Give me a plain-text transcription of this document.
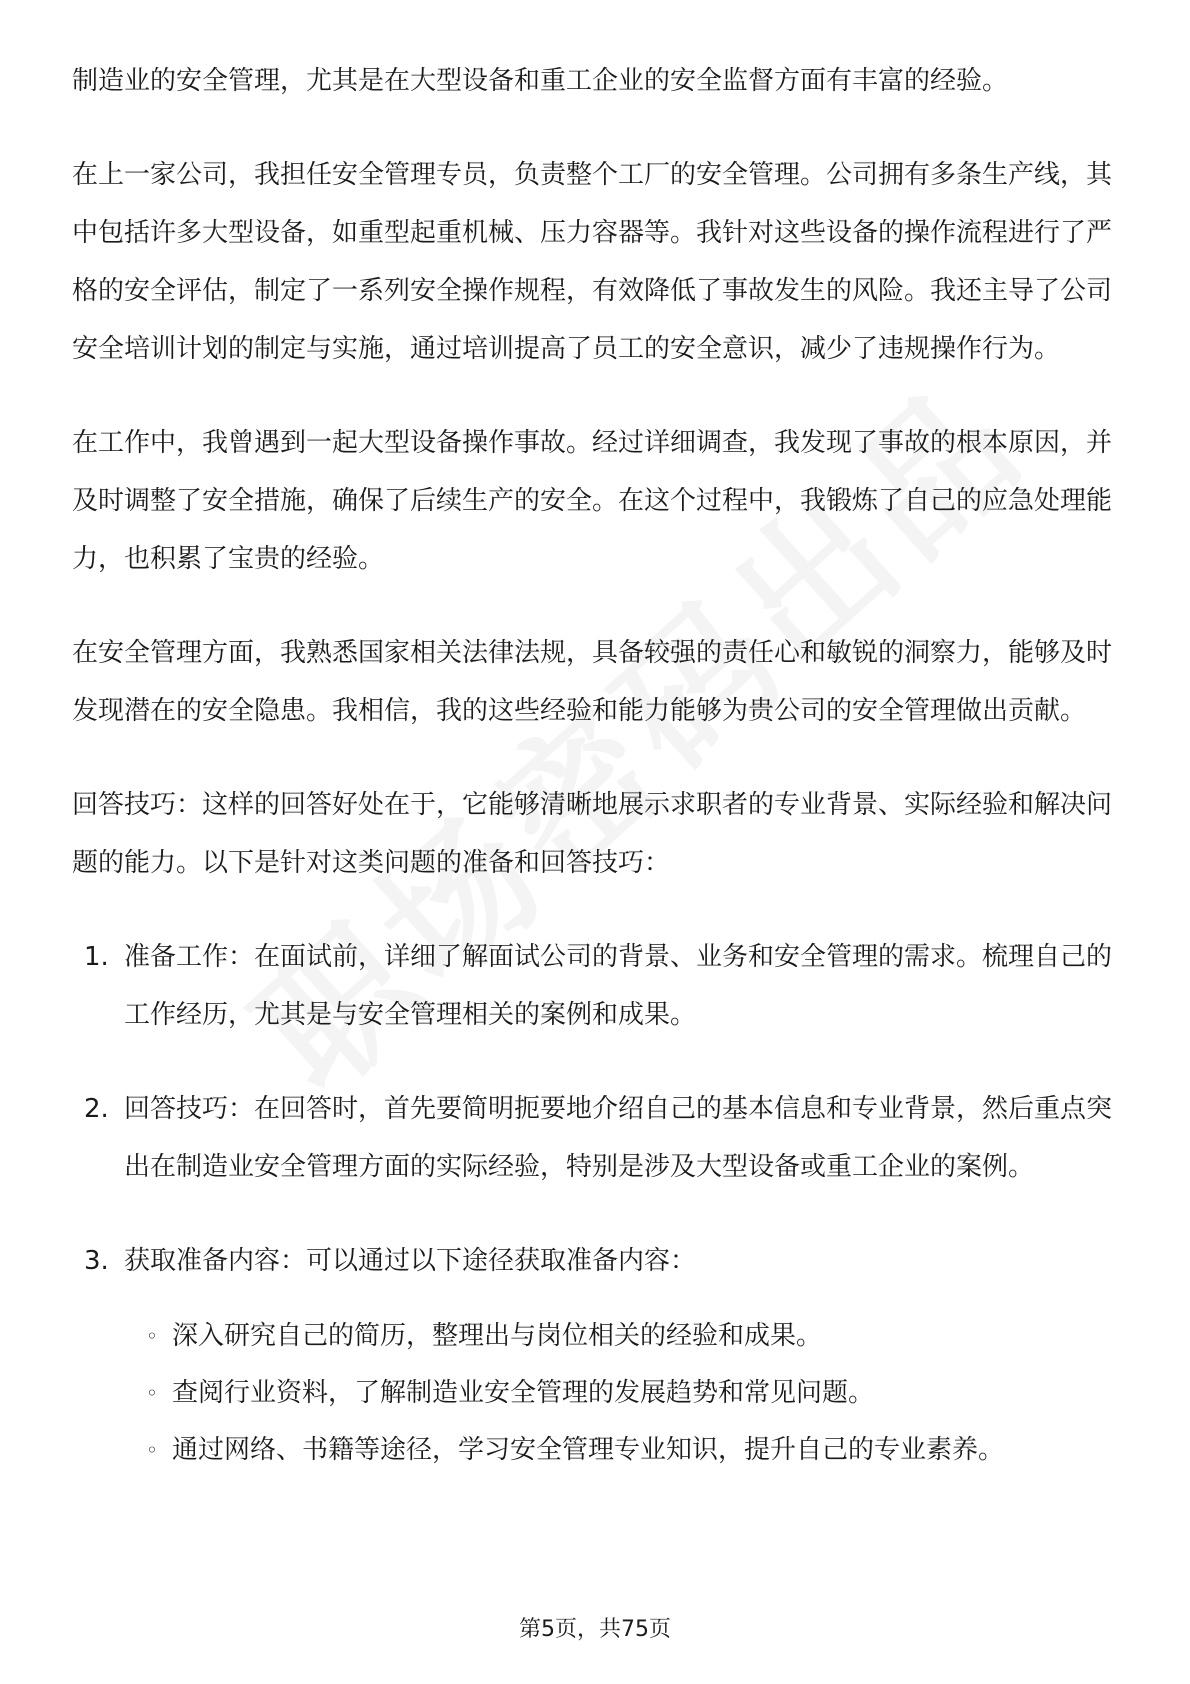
制造业的安全管理，尤其是在大型设备和重工企业的安全监督方面有丰富的经验。

在上一家公司，我担任安全管理专员，负责整个工厂的安全管理。公司拥有多条生产线，其中包括许多大型设备，如重型起重机械、压力容器等。我针对这些设备的操作流程进行了严格的安全评估，制定了一系列安全操作规程，有效降低了事故发生的风险。我还主导了公司安全培训计划的制定与实施，通过培训提高了员工的安全意识，减少了违规操作行为。

在工作中，我曾遇到一起大型设备操作事故。经过详细调查，我发现了事故的根本原因，并及时调整了安全措施，确保了后续生产的安全。在这个过程中，我锻炼了自己的应急处理能力，也积累了宝贵的经验。

在安全管理方面，我熟悉国家相关法律法规，具备较强的责任心和敏锐的洞察力，能够及时发现潜在的安全隐患。我相信，我的这些经验和能力能够为贵公司的安全管理做出贡献。

回答技巧：这样的回答好处在于，它能够清晰地展示求职者的专业背景、实际经验和解决问题的能力。以下是针对这类问题的准备和回答技巧：

1. 准备工作：在面试前，详细了解面试公司的背景、业务和安全管理的需求。梳理自己的工作经历，尤其是与安全管理相关的案例和成果。
2. 回答技巧：在回答时，首先要简明扼要地介绍自己的基本信息和专业背景，然后重点突出在制造业安全管理方面的实际经验，特别是涉及大型设备或重工企业的案例。
3. 获取准备内容：可以通过以下途径获取准备内容：
◦ 深入研究自己的简历，整理出与岗位相关的经验和成果。
◦ 查阅行业资料，了解制造业安全管理的发展趋势和常见问题。
◦ 通过网络、书籍等途径，学习安全管理专业知识，提升自己的专业素养。
第5页，共75页
